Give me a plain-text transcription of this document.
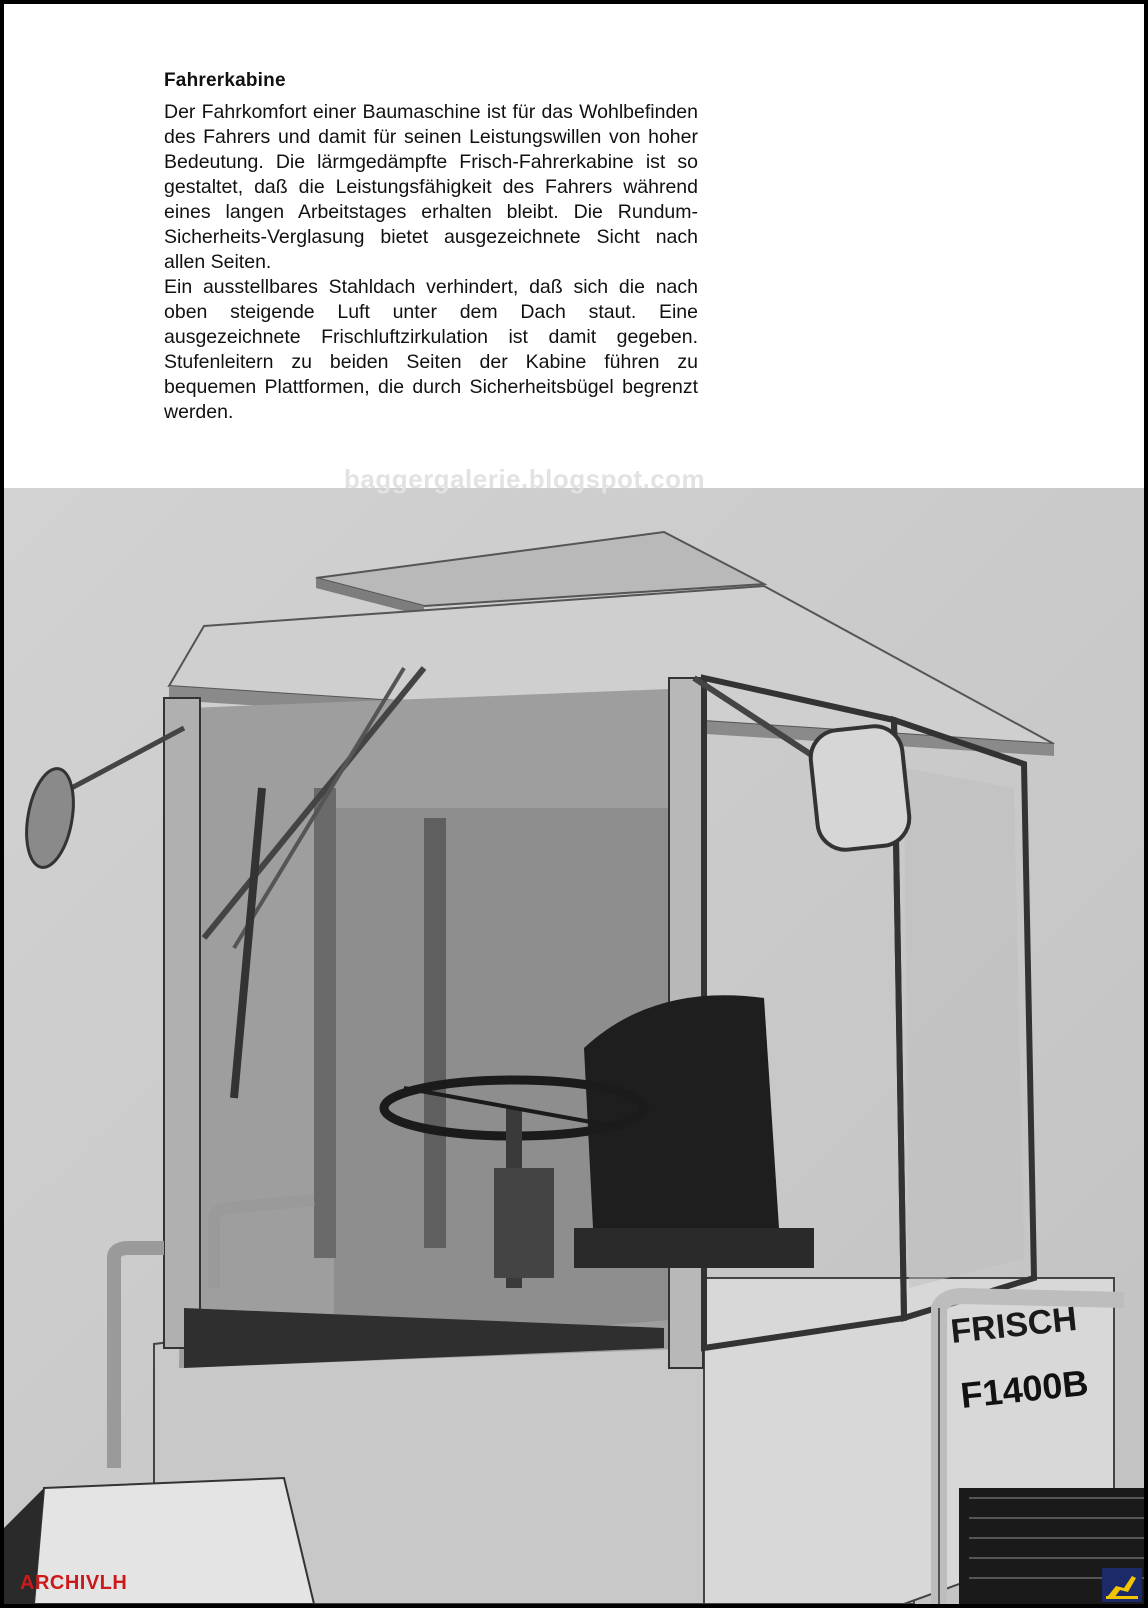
Fahrerkabine

Der Fahrkomfort einer Baumaschine ist für das Wohlbefinden des Fahrers und damit für seinen Leistungswillen von hoher Bedeutung. Die lärmgedämpfte Frisch-Fahrerkabine ist so gestaltet, daß die Leistungsfähigkeit des Fahrers während eines langen Arbeitstages erhalten bleibt. Die Rundum-Sicherheits-Verglasung bietet ausgezeichnete Sicht nach allen Seiten.

Ein ausstellbares Stahldach verhindert, daß sich die nach oben steigende Luft unter dem Dach staut. Eine ausgezeichnete Frischluftzirkulation ist damit gegeben. Stufenleitern zu beiden Seiten der Kabine führen zu bequemen Plattformen, die durch Sicherheitsbügel begrenzt werden.

FRISCH
F1400B
baggergalerie.blogspot.com
ARCHIVLH
